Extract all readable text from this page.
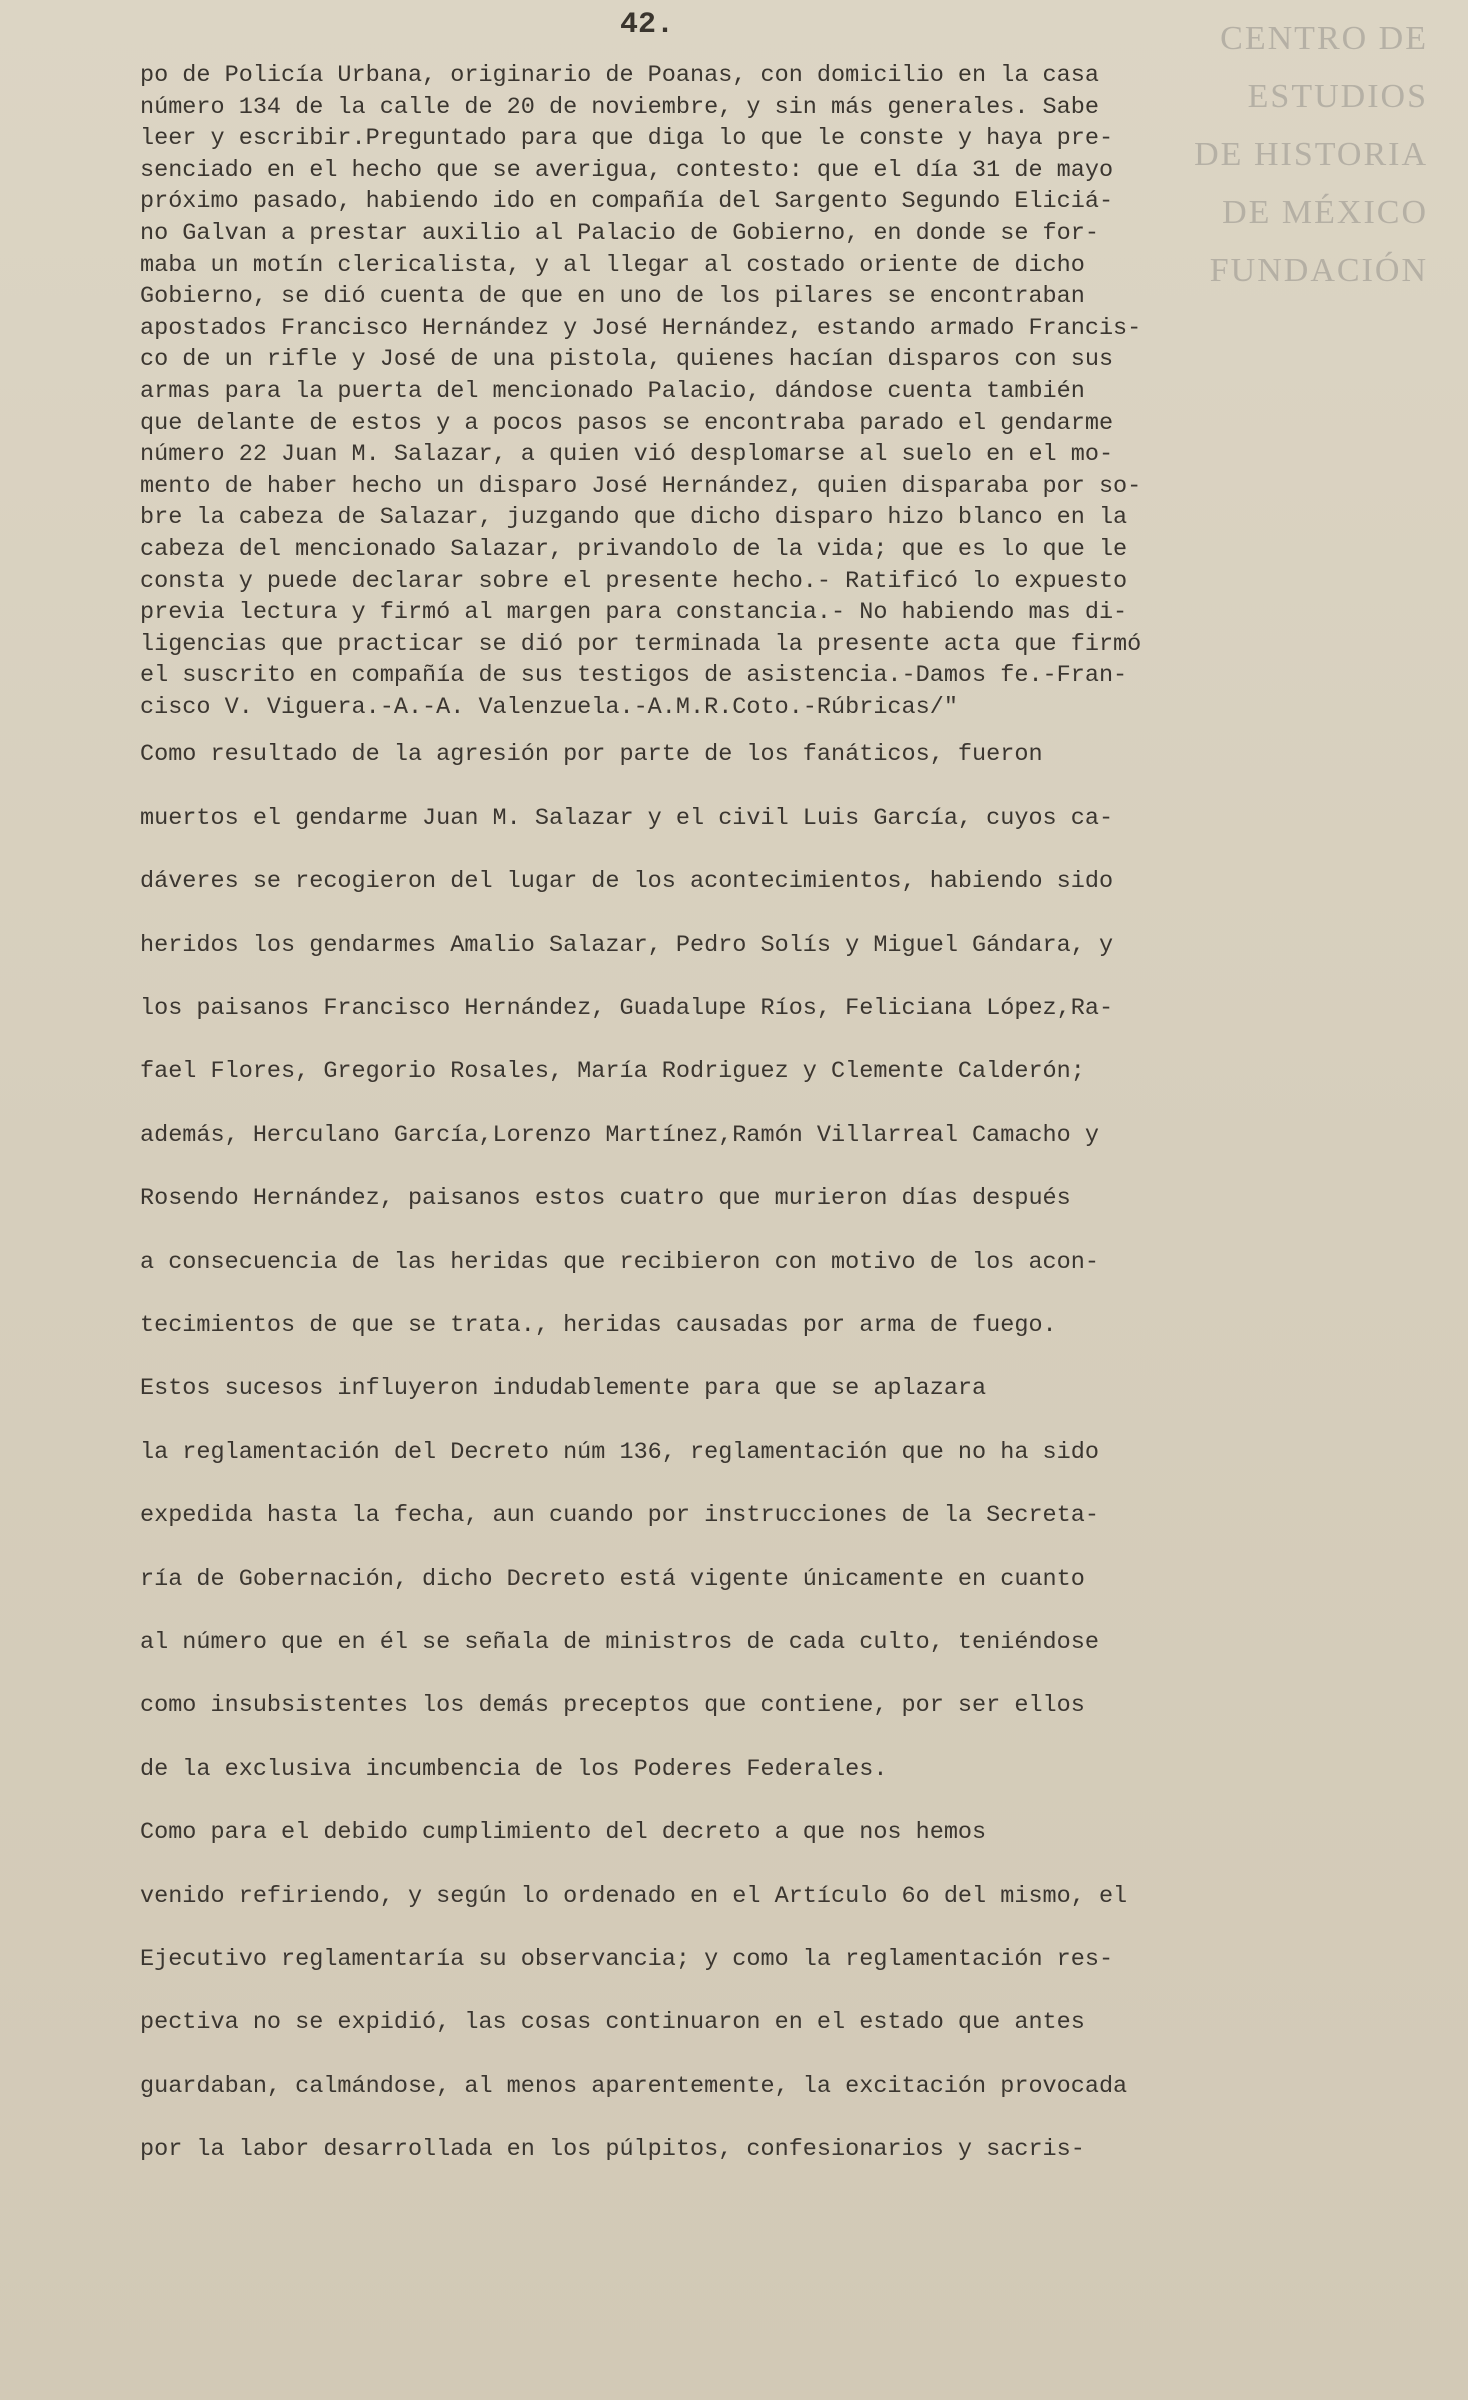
42.	CENTRO DE
ESTUDIOS
DE HISTORIA
DE MÉXICO
FUNDACIÓN
po de Policía Urbana, originario de Poanas, con domicilio en la casa
número 134 de la calle de 20 de noviembre, y sin más generales. Sabe
leer y escribir.Preguntado para que diga lo que le conste y haya pre-
senciado en el hecho que se averigua, contesto: que el día 31 de mayo
próximo pasado, habiendo ido en compañía del Sargento Segundo Eliciá-
no Galvan a prestar auxilio al Palacio de Gobierno, en donde se for-
maba un motín clericalista, y al llegar al costado oriente de dicho
Gobierno, se dió cuenta de que en uno de los pilares se encontraban
apostados Francisco Hernández y José Hernández, estando armado Francis-
co de un rifle y José de una pistola, quienes hacían disparos con sus
armas para la puerta del mencionado Palacio, dándose cuenta también
que delante de estos y a pocos pasos se encontraba parado el gendarme
número 22 Juan M. Salazar, a quien vió desplomarse al suelo en el mo-
mento de haber hecho un disparo José Hernández, quien disparaba por so-
bre la cabeza de Salazar, juzgando que dicho disparo hizo blanco en la
cabeza del mencionado Salazar, privandolo de la vida; que es lo que le
consta y puede declarar sobre el presente hecho.- Ratificó lo expuesto
previa lectura y firmó al margen para constancia.- No habiendo mas di-
ligencias que practicar se dió por terminada la presente acta que firmó
el suscrito en compañía de sus testigos de asistencia.-Damos fe.-Fran-
cisco V. Viguera.-A.-A. Valenzuela.-A.M.R.Coto.-Rúbricas/"
Como resultado de la agresión por parte de los fanáticos, fueron
muertos el gendarme Juan M. Salazar y el civil Luis García, cuyos ca-
dáveres se recogieron del lugar de los acontecimientos, habiendo sido
heridos los gendarmes Amalio Salazar, Pedro Solís y Miguel Gándara, y
los paisanos Francisco Hernández, Guadalupe Ríos, Feliciana López,Ra-
fael Flores, Gregorio Rosales, María Rodriguez y Clemente Calderón;
además, Herculano García,Lorenzo Martínez,Ramón Villarreal Camacho y
Rosendo Hernández, paisanos estos cuatro que murieron días después
a consecuencia de las heridas que recibieron con motivo de los acon-
tecimientos de que se trata., heridas causadas por arma de fuego.
Estos sucesos influyeron indudablemente para que se aplazara
la reglamentación del Decreto núm 136, reglamentación que no ha sido
expedida hasta la fecha, aun cuando por instrucciones de la Secreta-
ría de Gobernación, dicho Decreto está vigente únicamente en cuanto
al número que en él se señala de ministros de cada culto, teniéndose
como insubsistentes los demás preceptos que contiene, por ser ellos
de la exclusiva incumbencia de los Poderes Federales.
Como para el debido cumplimiento del decreto a que nos hemos
venido refiriendo, y según lo ordenado en el Artículo 6o del mismo, el
Ejecutivo reglamentaría su observancia; y como la reglamentación res-
pectiva no se expidió, las cosas continuaron en el estado que antes
guardaban, calmándose, al menos aparentemente, la excitación provocada
por la labor desarrollada en los púlpitos, confesionarios y sacris-
